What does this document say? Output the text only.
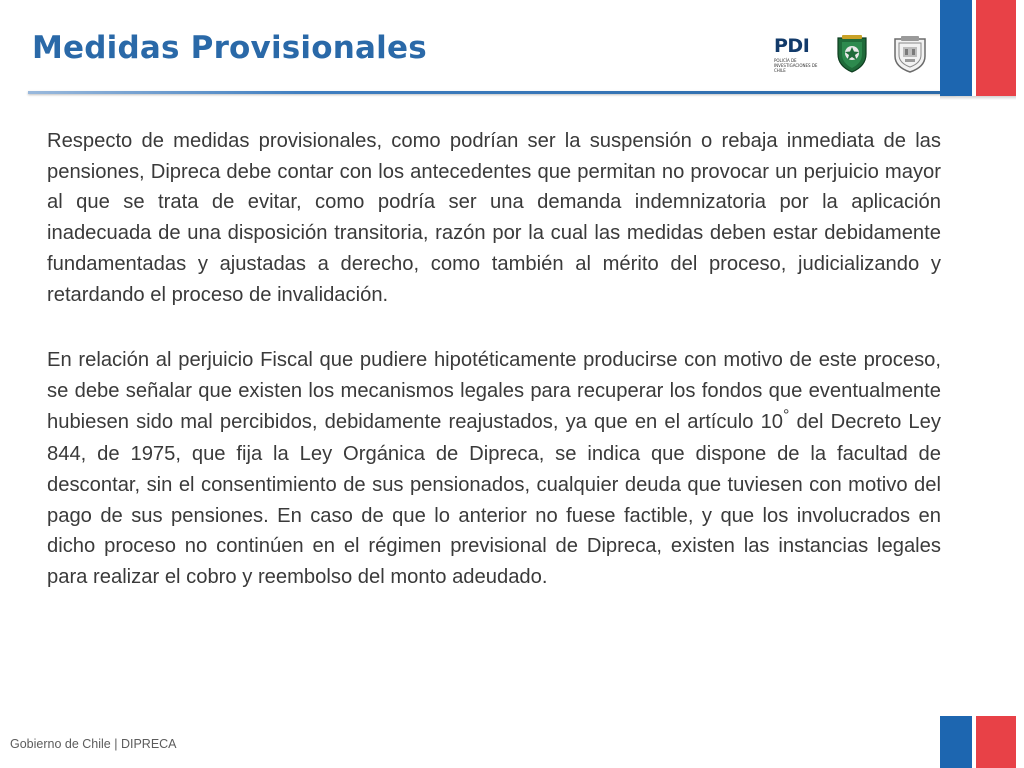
Medidas Provisionales	PDI
POLICÍA DE INVESTIGACIONES DE CHILE

Respecto de medidas provisionales, como podrían ser la suspensión o rebaja inmediata de las pensiones, Dipreca debe contar con los antecedentes que permitan no provocar un perjuicio mayor al que se trata de evitar, como podría ser una demanda indemnizatoria por la aplicación inadecuada de una disposición transitoria, razón por la cual las medidas deben estar debidamente fundamentadas y ajustadas a derecho, como también al mérito del proceso, judicializando y retardando el proceso de invalidación.

En relación al perjuicio Fiscal que pudiere hipotéticamente producirse con motivo de este proceso, se debe señalar que existen los mecanismos legales para recuperar los fondos que eventualmente hubiesen sido mal percibidos, debidamente reajustados, ya que en el artículo 10° del Decreto Ley 844, de 1975, que fija la Ley Orgánica de Dipreca, se indica que dispone de la facultad de descontar, sin el consentimiento de sus pensionados, cualquier deuda que tuviesen con motivo del pago de sus pensiones. En caso de que lo anterior no fuese factible, y que los involucrados en dicho proceso no continúen en el régimen previsional de Dipreca, existen las instancias legales para realizar el cobro y reembolso del monto adeudado.

Gobierno de Chile | DIPRECA
